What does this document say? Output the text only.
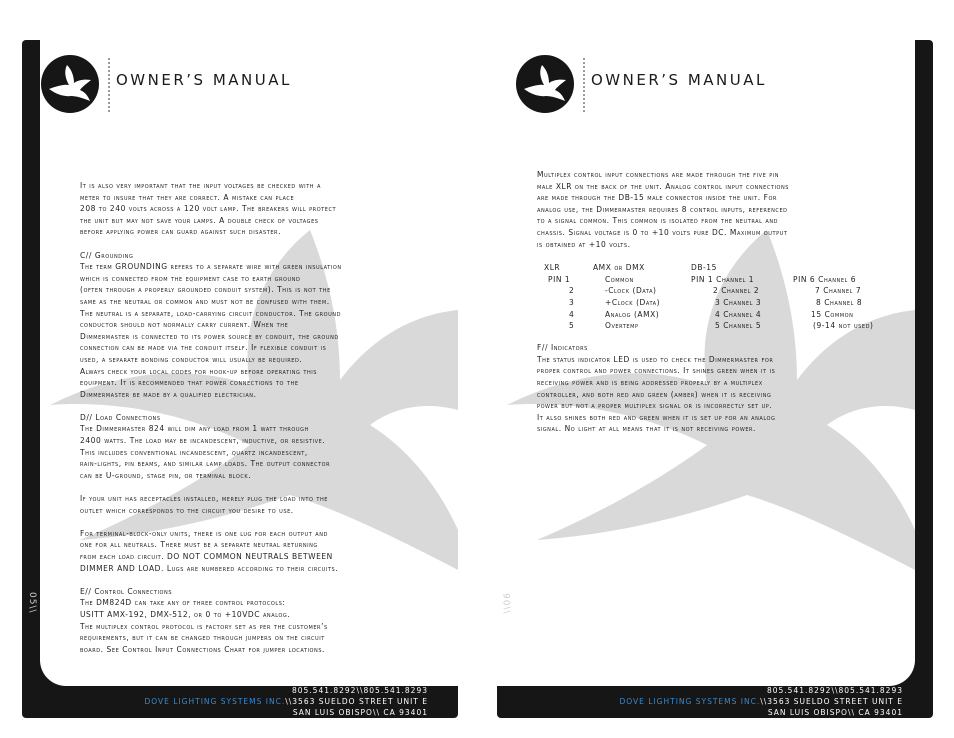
OWNER’S MANUAL
It is also very important that the input voltages be checked with a
meter to insure that they are correct. A mistake can place
208 to 240 volts across a 120 volt lamp. The breakers will protect
the unit but may not save your lamps. A double check of voltages
before applying power can guard against such disaster.
C// Grounding
The term GROUNDING refers to a separate wire with green insulation
which is connected from the equipment case to earth ground
(often through a properly grounded conduit system). This is not the
same as the neutral or common and must not be confused with them.
The neutral is a separate, load-carrying circuit conductor. The ground
conductor should not normally carry current. When the
Dimmermaster is connected to its power source by conduit, the ground
connection can be made via the conduit itself. If flexible conduit is
used, a separate bonding conductor will usually be required.
Always check your local codes for hook-up before operating this
equipment. It is recommended that power connections to the
Dimmermaster be made by a qualified electrician.
D// Load Connections
The Dimmermaster 824 will dim any load from 1 watt through
2400 watts. The load may be incandescent, inductive, or resistive.
This includes conventional incandescent, quartz incandescent,
rain-lights, pin beams, and similar lamp loads. The output connector
can be U-ground, stage pin, or terminal block.
If your unit has receptacles installed, merely plug the load into the
outlet which corresponds to the circuit you desire to use.
For terminal-block-only units, there is one lug for each output and
one for all neutrals. There must be a separate neutral returning
from each load circuit. DO NOT COMMON NEUTRALS BETWEEN
DIMMER AND LOAD. Lugs are numbered according to their circuits.
E// Control Connections
The DM824D can take any of three control protocols:
USITT AMX-192, DMX-512, or 0 to +10VDC analog.
The multiplex control protocol is factory set as per the customer’s
requirements, but it can be changed through jumpers on the circuit
board. See Control Input Connections Chart for jumper locations.
05\\
805.541.8292\\805.541.8293
DOVE LIGHTING SYSTEMS INC.\\3563 SUELDO STREET UNIT E
SAN LUIS OBISPO\\ CA 93401
OWNER’S MANUAL
Multiplex control input connections are made through the five pin
male XLR on the back of the unit. Analog control input connections
are made through the DB-15 male connector inside the unit. For
analog use, the Dimmermaster requires 8 control inputs, referenced
to a signal common. This common is isolated from the neutral and
chassis. Signal voltage is 0 to +10 volts pure DC. Maximum output
is obtained at +10 volts.
XLR	AMX or DMX	DB-15
PIN 1	Common	PIN 1 Channel 1	PIN 6 Channel 6
2	-Clock (Data)	2 Channel 2	7 Channel 7
3	+Clock (Data)	3 Channel 3	8 Channel 8
4	Analog (AMX)	4 Channel 4	15 Common
5	Overtemp	5 Channel 5	(9-14 not used)
F// Indicators
The status indicator LED is used to check the Dimmermaster for
proper control and power connections. It shines green when it is
receiving power and is being addressed properly by a multiplex
controller, and both red and green (amber) when it is receiving
power but not a proper multiplex signal or is incorrectly set up.
It also shines both red and green when it is set up for an analog
signal. No light at all means that it is not receiving power.
\\06
805.541.8292\\805.541.8293
DOVE LIGHTING SYSTEMS INC.\\3563 SUELDO STREET UNIT E
SAN LUIS OBISPO\\ CA 93401
